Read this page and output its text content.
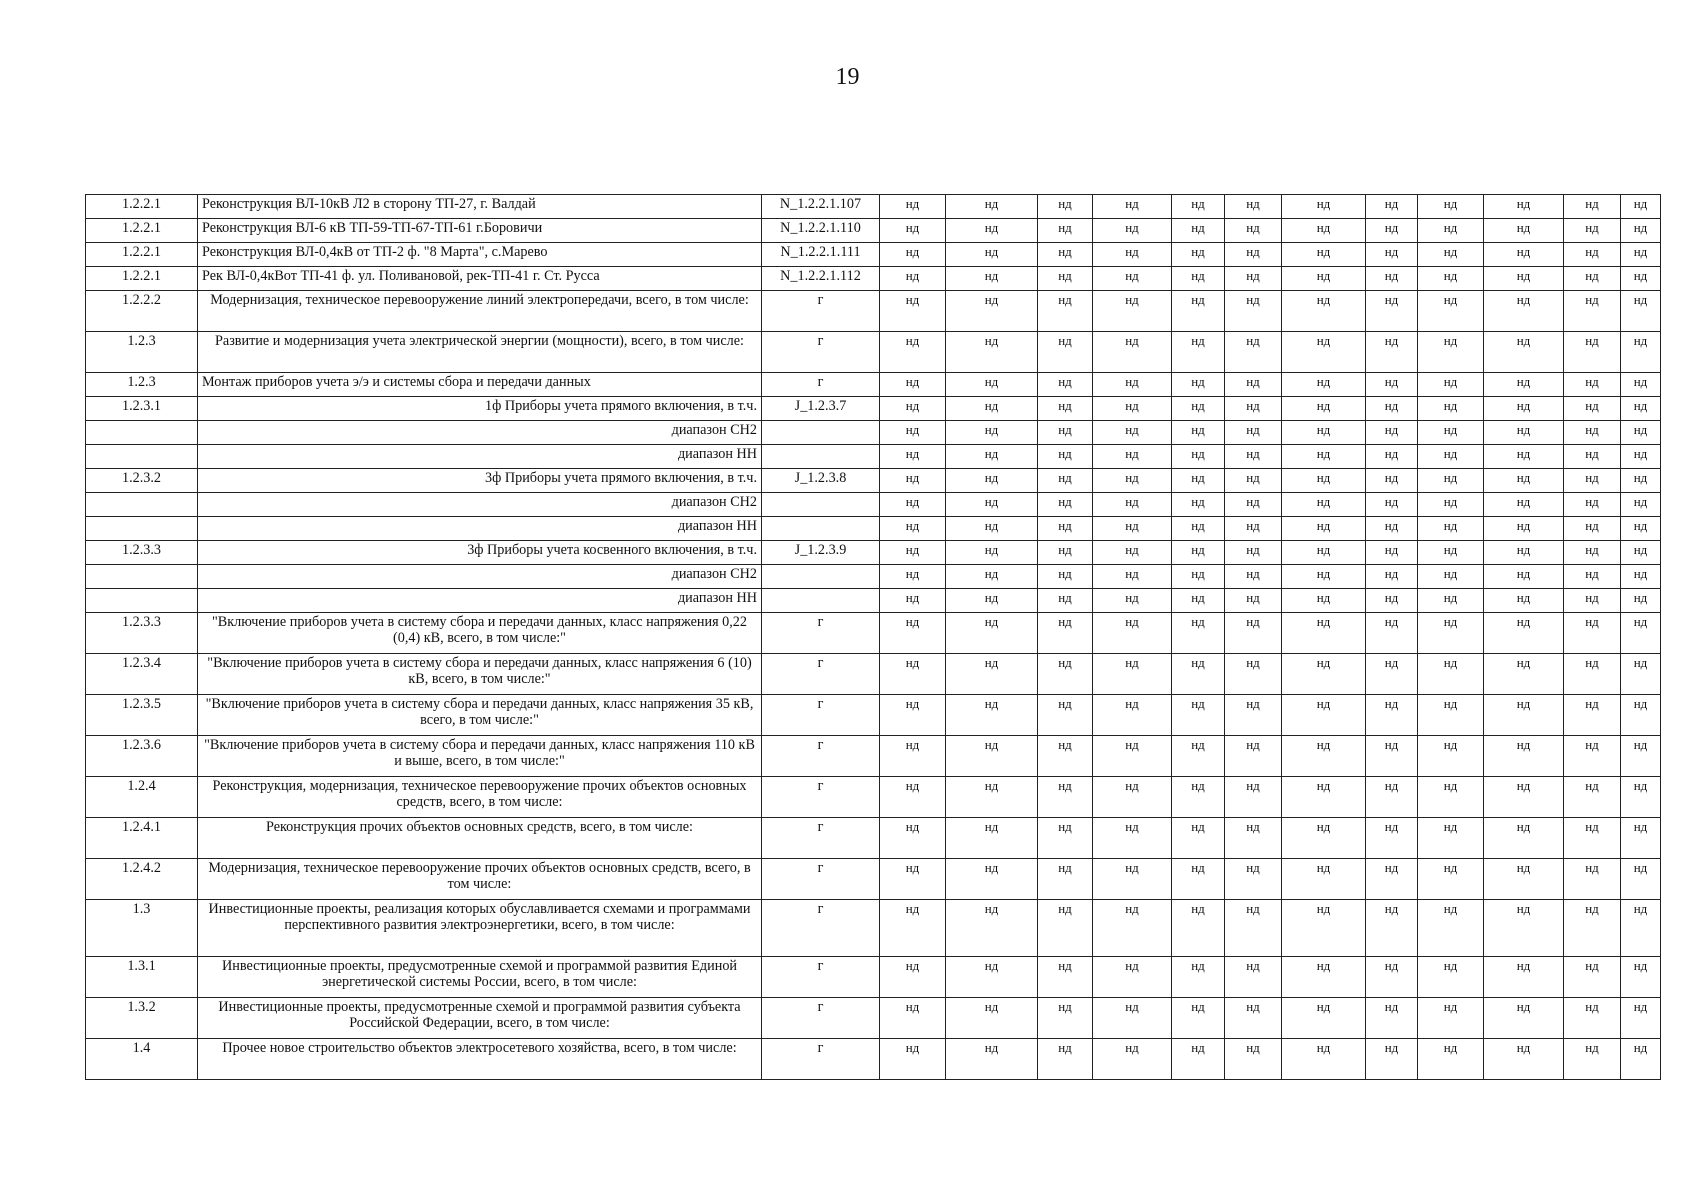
19
1.2.2.1	Реконструкция ВЛ-10кВ Л2 в сторону ТП-27, г. Валдай	N_1.2.2.1.107	нд	нд	нд	нд	нд	нд	нд	нд	нд	нд	нд	нд
1.2.2.1	Реконструкция ВЛ-6 кВ ТП-59-ТП-67-ТП-61 г.Боровичи	N_1.2.2.1.110	нд	нд	нд	нд	нд	нд	нд	нд	нд	нд	нд	нд
1.2.2.1	Реконструкция ВЛ-0,4кВ от ТП-2 ф. "8 Марта", с.Марево	N_1.2.2.1.111	нд	нд	нд	нд	нд	нд	нд	нд	нд	нд	нд	нд
1.2.2.1	Рек ВЛ-0,4кВот ТП-41 ф. ул. Поливановой, рек-ТП-41 г. Ст. Русса	N_1.2.2.1.112	нд	нд	нд	нд	нд	нд	нд	нд	нд	нд	нд	нд
1.2.2.2	Модернизация, техническое перевооружение линий электропередачи, всего, в том числе:	г	нд	нд	нд	нд	нд	нд	нд	нд	нд	нд	нд	нд
1.2.3	Развитие и модернизация учета электрической энергии (мощности), всего, в том числе:	г	нд	нд	нд	нд	нд	нд	нд	нд	нд	нд	нд	нд
1.2.3	Монтаж приборов учета э/э и системы сбора и передачи данных	г	нд	нд	нд	нд	нд	нд	нд	нд	нд	нд	нд	нд
1.2.3.1	1ф Приборы учета прямого включения, в т.ч.	J_1.2.3.7	нд	нд	нд	нд	нд	нд	нд	нд	нд	нд	нд	нд
	диапазон СН2		нд	нд	нд	нд	нд	нд	нд	нд	нд	нд	нд	нд
	диапазон НН		нд	нд	нд	нд	нд	нд	нд	нд	нд	нд	нд	нд
1.2.3.2	3ф Приборы учета прямого включения, в т.ч.	J_1.2.3.8	нд	нд	нд	нд	нд	нд	нд	нд	нд	нд	нд	нд
	диапазон СН2		нд	нд	нд	нд	нд	нд	нд	нд	нд	нд	нд	нд
	диапазон НН		нд	нд	нд	нд	нд	нд	нд	нд	нд	нд	нд	нд
1.2.3.3	3ф Приборы учета косвенного включения, в т.ч.	J_1.2.3.9	нд	нд	нд	нд	нд	нд	нд	нд	нд	нд	нд	нд
	диапазон СН2		нд	нд	нд	нд	нд	нд	нд	нд	нд	нд	нд	нд
	диапазон НН		нд	нд	нд	нд	нд	нд	нд	нд	нд	нд	нд	нд
1.2.3.3	"Включение приборов учета в систему сбора и передачи данных, класс напряжения 0,22 (0,4) кВ, всего, в том числе:"	г	нд	нд	нд	нд	нд	нд	нд	нд	нд	нд	нд	нд
1.2.3.4	"Включение приборов учета в систему сбора и передачи данных, класс напряжения 6 (10) кВ, всего, в том числе:"	г	нд	нд	нд	нд	нд	нд	нд	нд	нд	нд	нд	нд
1.2.3.5	"Включение приборов учета в систему сбора и передачи данных, класс напряжения 35 кВ, всего, в том числе:"	г	нд	нд	нд	нд	нд	нд	нд	нд	нд	нд	нд	нд
1.2.3.6	"Включение приборов учета в систему сбора и передачи данных, класс напряжения 110 кВ и выше, всего, в том числе:"	г	нд	нд	нд	нд	нд	нд	нд	нд	нд	нд	нд	нд
1.2.4	Реконструкция, модернизация, техническое перевооружение прочих объектов основных средств, всего, в том числе:	г	нд	нд	нд	нд	нд	нд	нд	нд	нд	нд	нд	нд
1.2.4.1	Реконструкция прочих объектов основных средств, всего, в том числе:	г	нд	нд	нд	нд	нд	нд	нд	нд	нд	нд	нд	нд
1.2.4.2	Модернизация, техническое перевооружение прочих объектов основных средств, всего, в том числе:	г	нд	нд	нд	нд	нд	нд	нд	нд	нд	нд	нд	нд
1.3	Инвестиционные проекты, реализация которых обуславливается схемами и программами перспективного развития электроэнергетики, всего, в том числе:	г	нд	нд	нд	нд	нд	нд	нд	нд	нд	нд	нд	нд
1.3.1	Инвестиционные проекты, предусмотренные схемой и программой развития Единой энергетической системы России, всего, в том числе:	г	нд	нд	нд	нд	нд	нд	нд	нд	нд	нд	нд	нд
1.3.2	Инвестиционные проекты, предусмотренные схемой и программой развития субъекта Российской Федерации, всего, в том числе:	г	нд	нд	нд	нд	нд	нд	нд	нд	нд	нд	нд	нд
1.4	Прочее новое строительство объектов электросетевого хозяйства, всего, в том числе:	г	нд	нд	нд	нд	нд	нд	нд	нд	нд	нд	нд	нд
